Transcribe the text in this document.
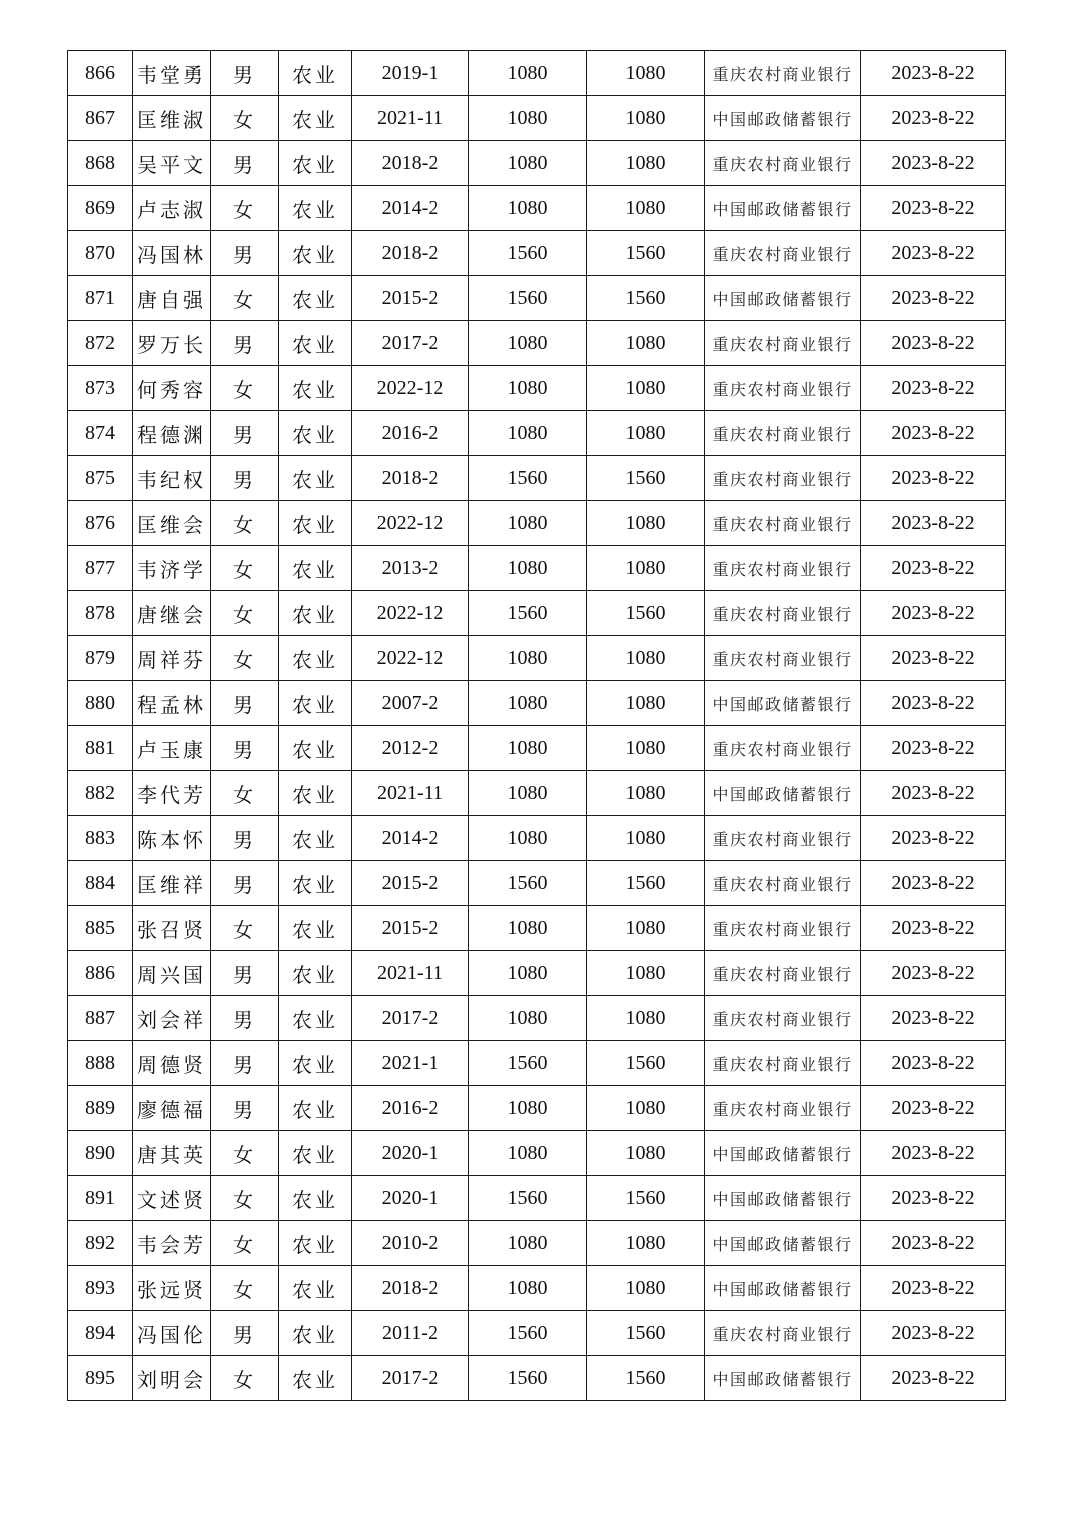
866	韦堂勇	男	农业	2019-1	1080	1080	重庆农村商业银行	2023-8-22
867	匡维淑	女	农业	2021-11	1080	1080	中国邮政储蓄银行	2023-8-22
868	吴平文	男	农业	2018-2	1080	1080	重庆农村商业银行	2023-8-22
869	卢志淑	女	农业	2014-2	1080	1080	中国邮政储蓄银行	2023-8-22
870	冯国林	男	农业	2018-2	1560	1560	重庆农村商业银行	2023-8-22
871	唐自强	女	农业	2015-2	1560	1560	中国邮政储蓄银行	2023-8-22
872	罗万长	男	农业	2017-2	1080	1080	重庆农村商业银行	2023-8-22
873	何秀容	女	农业	2022-12	1080	1080	重庆农村商业银行	2023-8-22
874	程德渊	男	农业	2016-2	1080	1080	重庆农村商业银行	2023-8-22
875	韦纪权	男	农业	2018-2	1560	1560	重庆农村商业银行	2023-8-22
876	匡维会	女	农业	2022-12	1080	1080	重庆农村商业银行	2023-8-22
877	韦济学	女	农业	2013-2	1080	1080	重庆农村商业银行	2023-8-22
878	唐继会	女	农业	2022-12	1560	1560	重庆农村商业银行	2023-8-22
879	周祥芬	女	农业	2022-12	1080	1080	重庆农村商业银行	2023-8-22
880	程孟林	男	农业	2007-2	1080	1080	中国邮政储蓄银行	2023-8-22
881	卢玉康	男	农业	2012-2	1080	1080	重庆农村商业银行	2023-8-22
882	李代芳	女	农业	2021-11	1080	1080	中国邮政储蓄银行	2023-8-22
883	陈本怀	男	农业	2014-2	1080	1080	重庆农村商业银行	2023-8-22
884	匡维祥	男	农业	2015-2	1560	1560	重庆农村商业银行	2023-8-22
885	张召贤	女	农业	2015-2	1080	1080	重庆农村商业银行	2023-8-22
886	周兴国	男	农业	2021-11	1080	1080	重庆农村商业银行	2023-8-22
887	刘会祥	男	农业	2017-2	1080	1080	重庆农村商业银行	2023-8-22
888	周德贤	男	农业	2021-1	1560	1560	重庆农村商业银行	2023-8-22
889	廖德福	男	农业	2016-2	1080	1080	重庆农村商业银行	2023-8-22
890	唐其英	女	农业	2020-1	1080	1080	中国邮政储蓄银行	2023-8-22
891	文述贤	女	农业	2020-1	1560	1560	中国邮政储蓄银行	2023-8-22
892	韦会芳	女	农业	2010-2	1080	1080	中国邮政储蓄银行	2023-8-22
893	张远贤	女	农业	2018-2	1080	1080	中国邮政储蓄银行	2023-8-22
894	冯国伦	男	农业	2011-2	1560	1560	重庆农村商业银行	2023-8-22
895	刘明会	女	农业	2017-2	1560	1560	中国邮政储蓄银行	2023-8-22
